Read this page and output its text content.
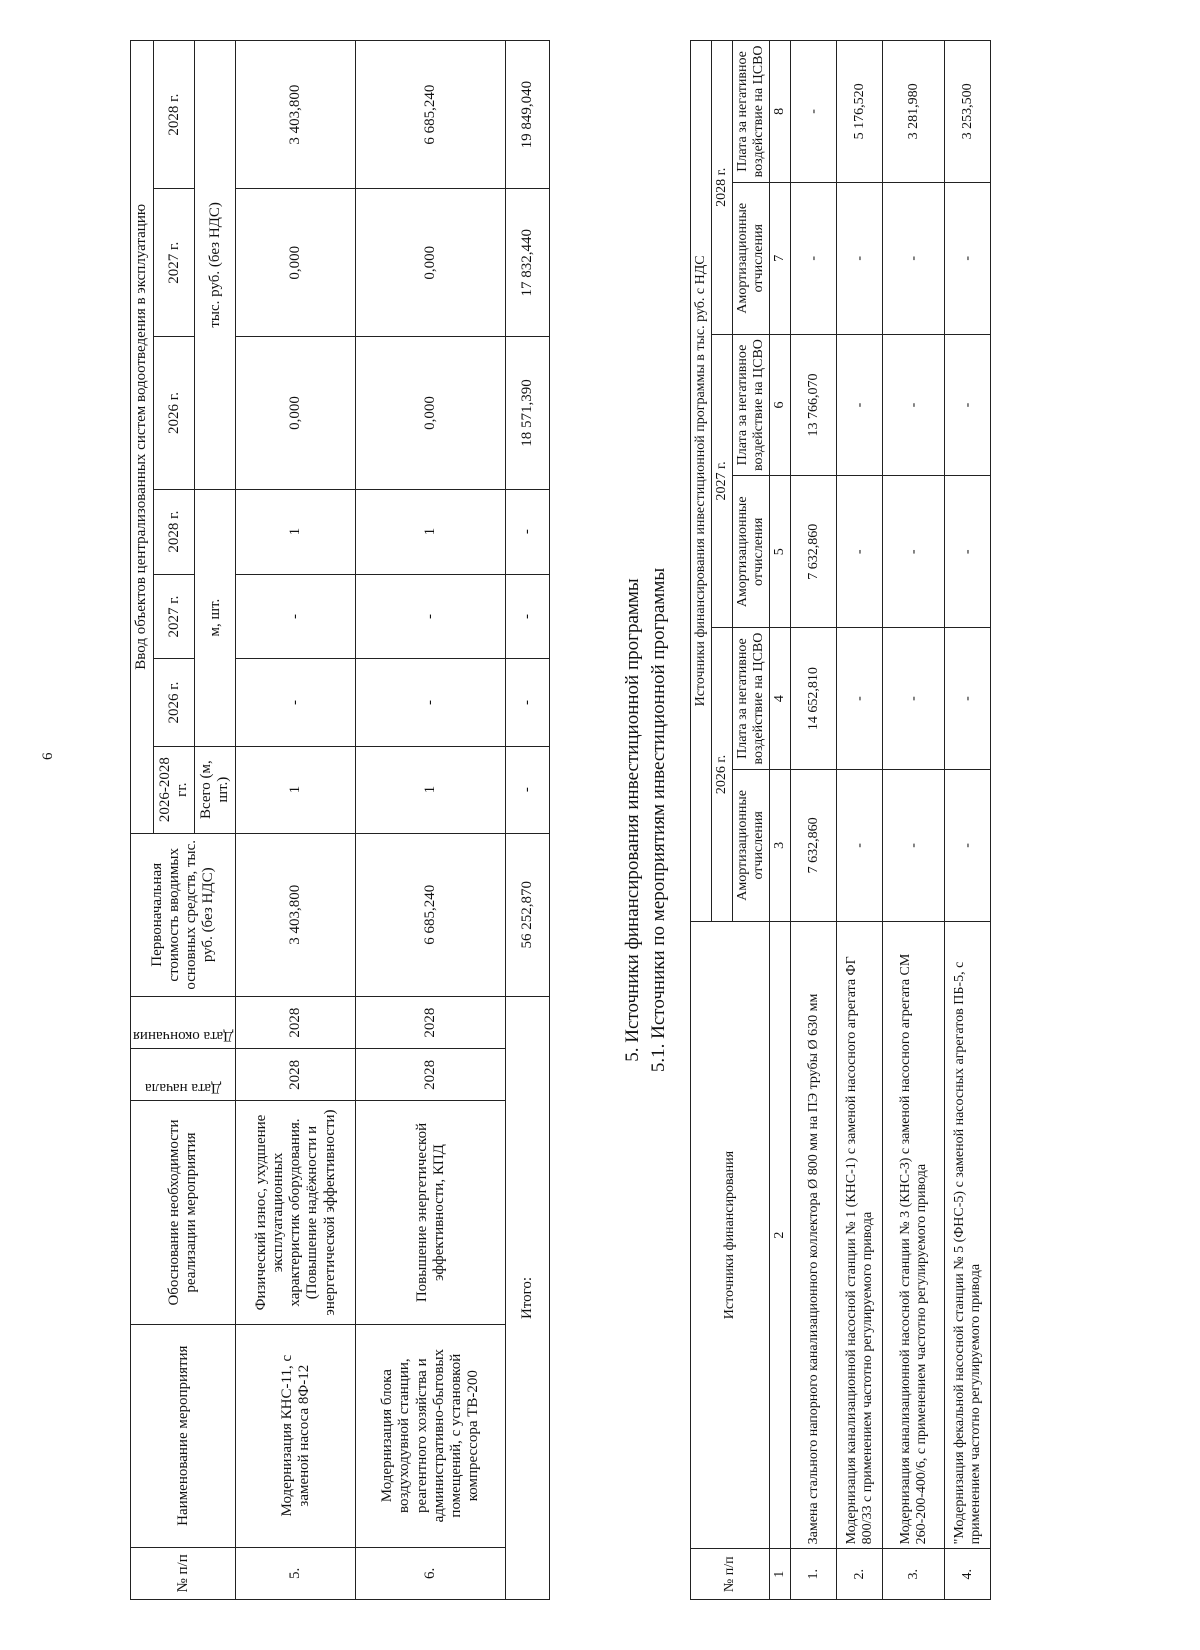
6
№ п/п	Наименование мероприятия	Обоснование необходимости реализации мероприятия	Дата начала	Дата окончания	Первоначальная стоимость вводимых основных средств, тыс. руб. (без НДС)	Ввод объектов централизованных систем водоотведения в эксплуатацию						
						2026-2028 гг.	2026 г.	2027 г.	2028 г.	2026 г.	2027 г.	2028 г.
						Всего (м, шт.)	м, шт.			тыс. руб. (без НДС)		
5.	Модернизация КНС-11, с заменой насоса 8Ф-12	Физический износ, ухудшение эксплуатационных характеристик оборудования. (Повышение надёжности и энергетической эффективности)	2028	2028	3 403,800	1	-	-	1	0,000	0,000	3 403,800
6.	Модернизация блока воздуходувной станции, реагентного хозяйства и административно-бытовых помещений, с установкой компрессора ТВ-200	Повышение энергетической эффективности, КПД	2028	2028	6 685,240	1	-	-	1	0,000	0,000	6 685,240
Итого:					56 252,870	-	-	-	-	18 571,390	17 832,440	19 849,040
5. Источники финансирования инвестиционной программы 5.1. Источники по мероприятиям инвестиционной программы
№ п/п	Источники финансирования	Источники финансирования инвестиционной программы в тыс. руб. с НДС					
		2026 г.		2027 г.		2028 г.	
		Амортизационные отчисления	Плата за негативное воздействие на ЦСВО	Амортизационные отчисления	Плата за негативное воздействие на ЦСВО	Амортизационные отчисления	Плата за негативное воздействие на ЦСВО
1	2	3	4	5	6	7	8
1.	Замена стального напорного канализационного коллектора Ø 800 мм на ПЭ трубы Ø 630 мм	7 632,860	14 652,810	7 632,860	13 766,070	-	-
2.	Модернизация канализационной насосной станции № 1 (КНС-1) с заменой насосного агрегата ФГ 800/33 с применением частотно регулируемого привода	-	-	-	-	-	5 176,520
3.	Модернизация канализационной насосной станции № 3 (КНС-3) с заменой насосного агрегата СМ 260-200-400/6, с применением частотно регулируемого привода	-	-	-	-	-	3 281,980
4.	"Модернизация фекальной насосной станции № 5 (ФНС-5) с заменой насосных агрегатов ПБ-5, с применением частотно регулируемого привода	-	-	-	-	-	3 253,500
